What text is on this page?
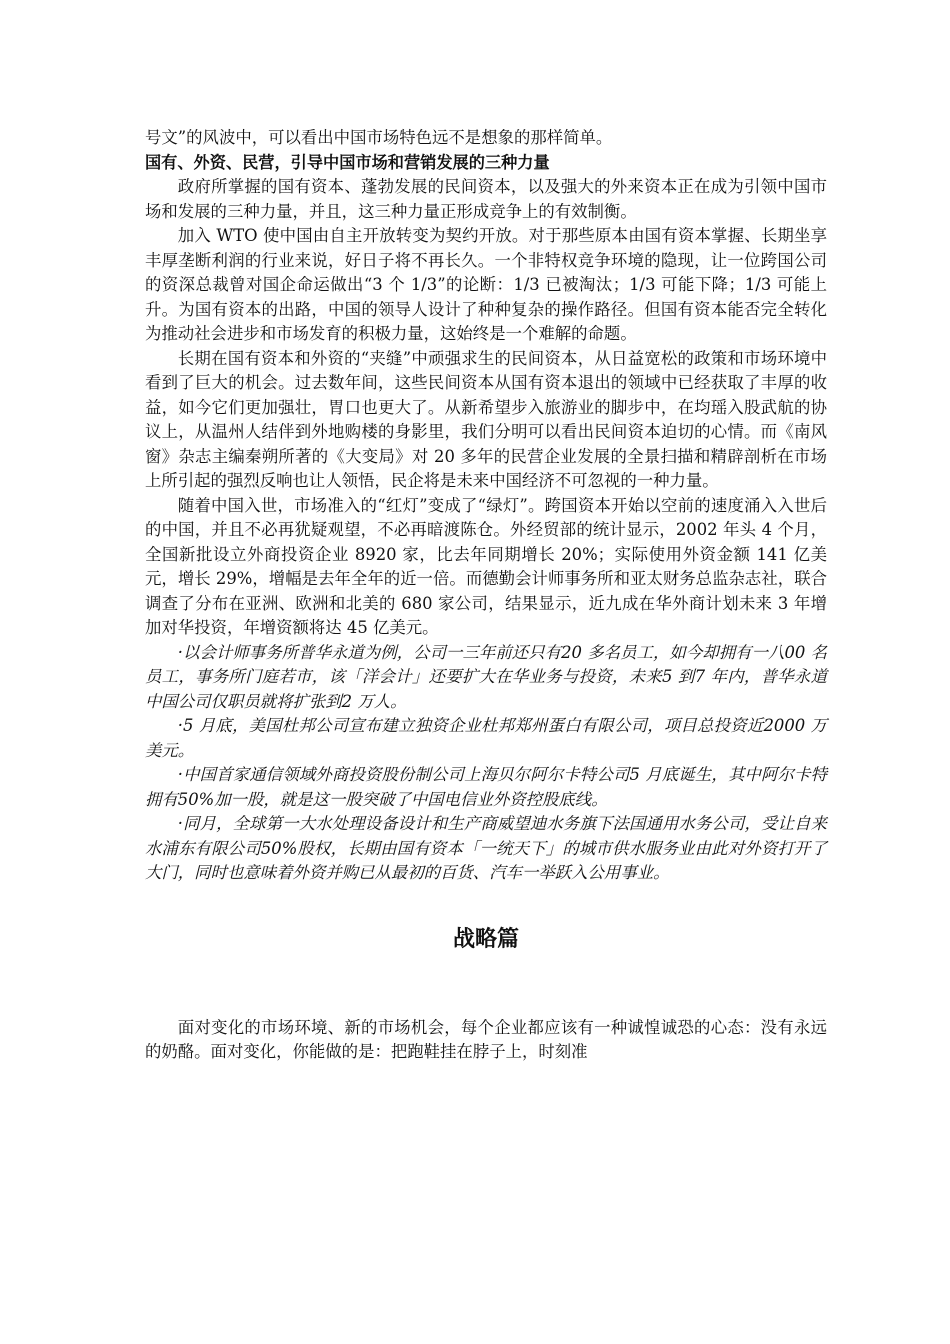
号文”的风波中，可以看出中国市场特色远不是想象的那样简单。

国有、外资、民营，引导中国市场和营销发展的三种力量

政府所掌握的国有资本、蓬勃发展的民间资本，以及强大的外来资本正在成为引领中国市场和发展的三种力量，并且，这三种力量正形成竞争上的有效制衡。

加入 WTO 使中国由自主开放转变为契约开放。对于那些原本由国有资本掌握、长期坐享丰厚垄断利润的行业来说，好日子将不再长久。一个非特权竞争环境的隐现，让一位跨国公司的资深总裁曾对国企命运做出“3 个 1/3”的论断：1/3 已被淘汰；1/3 可能下降；1/3 可能上升。为国有资本的出路，中国的领导人设计了种种复杂的操作路径。但国有资本能否完全转化为推动社会进步和市场发育的积极力量，这始终是一个难解的命题。

长期在国有资本和外资的“夹缝”中顽强求生的民间资本，从日益宽松的政策和市场环境中看到了巨大的机会。过去数年间，这些民间资本从国有资本退出的领域中已经获取了丰厚的收益，如今它们更加强壮，胃口也更大了。从新希望步入旅游业的脚步中，在均瑶入股武航的协议上，从温州人结伴到外地购楼的身影里，我们分明可以看出民间资本迫切的心情。而《南风窗》杂志主编秦朔所著的《大变局》对 20 多年的民营企业发展的全景扫描和精辟剖析在市场上所引起的强烈反响也让人领悟，民企将是未来中国经济不可忽视的一种力量。

随着中国入世，市场准入的“红灯”变成了“绿灯”。跨国资本开始以空前的速度涌入入世后的中国，并且不必再犹疑观望，不必再暗渡陈仓。外经贸部的统计显示，2002 年头 4 个月，全国新批设立外商投资企业 8920 家，比去年同期增长 20%；实际使用外资金额 141 亿美元，增长 29%，增幅是去年全年的近一倍。而德勤会计师事务所和亚太财务总监杂志社，联合调查了分布在亚洲、欧洲和北美的 680 家公司，结果显示，近九成在华外商计划未来 3 年增加对华投资，年增资额将达 45 亿美元。

·以会计师事务所普华永道为例，公司一三年前还只有20 多名员工，如今却拥有一八00 名员工，事务所门庭若市，该「洋会计」还要扩大在华业务与投资，未来5 到7 年内，普华永道中国公司仅职员就将扩张到2 万人。

·5 月底，美国杜邦公司宣布建立独资企业杜邦郑州蛋白有限公司，项目总投资近2000 万美元。

·中国首家通信领域外商投资股份制公司上海贝尔阿尔卡特公司5 月底诞生，其中阿尔卡特拥有50%加一股，就是这一股突破了中国电信业外资控股底线。

·同月，全球第一大水处理设备设计和生产商威望迪水务旗下法国通用水务公司，受让自来水浦东有限公司50%股权，长期由国有资本「一统天下」的城市供水服务业由此对外资打开了大门，同时也意味着外资并购已从最初的百货、汽车一举跃入公用事业。

战略篇

面对变化的市场环境、新的市场机会，每个企业都应该有一种诚惶诚恐的心态：没有永远的奶酪。面对变化，你能做的是：把跑鞋挂在脖子上，时刻准
